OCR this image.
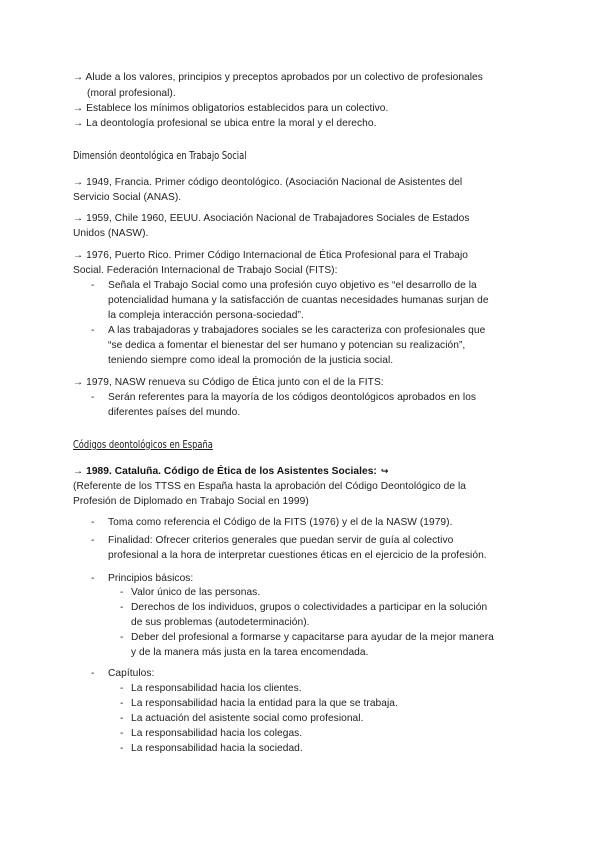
→ Alude a los valores, principios y preceptos aprobados por un colectivo de profesionales
(moral profesional).
→ Establece los mínimos obligatorios establecidos para un colectivo.
→ La deontología profesional se ubica entre la moral y el derecho.
Dimensión deontológica en Trabajo Social
→ 1949, Francia. Primer código deontológico. (Asociación Nacional de Asistentes del
Servicio Social (ANAS).
→ 1959, Chile 1960, EEUU. Asociación Nacional de Trabajadores Sociales de Estados
Unidos (NASW).
→ 1976, Puerto Rico. Primer Código Internacional de Ética Profesional para el Trabajo
Social. Federación Internacional de Trabajo Social (FITS):
- Señala el Trabajo Social como una profesión cuyo objetivo es “el desarrollo de la
potencialidad humana y la satisfacción de cuantas necesidades humanas surjan de
la compleja interacción persona-sociedad”.
- A las trabajadoras y trabajadores sociales se les caracteriza con profesionales que
“se dedica a fomentar el bienestar del ser humano y potencian su realización”,
teniendo siempre como ideal la promoción de la justicia social.
→ 1979, NASW renueva su Código de Ética junto con el de la FITS:
- Serán referentes para la mayoría de los códigos deontológicos aprobados en los
diferentes países del mundo.
Códigos deontológicos en España
→ 1989. Cataluña. Código de Ética de los Asistentes Sociales: ↪
(Referente de los TTSS en España hasta la aprobación del Código Deontológico de la
Profesión de Diplomado en Trabajo Social en 1999)
- Toma como referencia el Código de la FITS (1976) y el de la NASW (1979).
- Finalidad: Ofrecer criterios generales que puedan servir de guía al colectivo
profesional a la hora de interpretar cuestiones éticas en el ejercicio de la profesión.
- Principios básicos:
- Valor único de las personas.
- Derechos de los individuos, grupos o colectividades a participar en la solución
de sus problemas (autodeterminación).
- Deber del profesional a formarse y capacitarse para ayudar de la mejor manera
y de la manera más justa en la tarea encomendada.
- Capítulos:
- La responsabilidad hacia los clientes.
- La responsabilidad hacia la entidad para la que se trabaja.
- La actuación del asistente social como profesional.
- La responsabilidad hacia los colegas.
- La responsabilidad hacia la sociedad.
